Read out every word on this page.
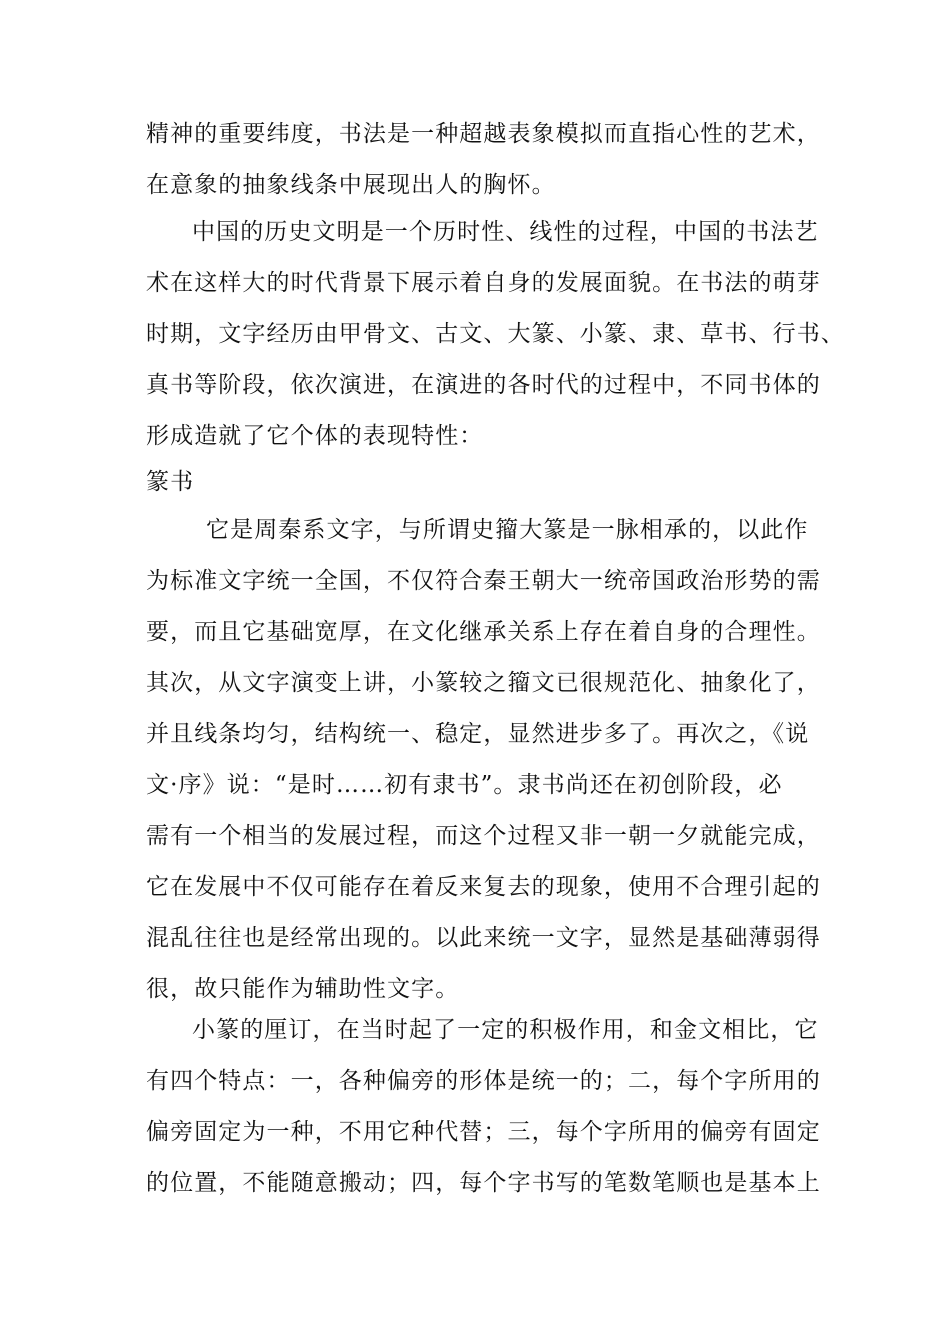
精神的重要纬度，书法是一种超越表象模拟而直指心性的艺术，
在意象的抽象线条中展现出人的胸怀。
中国的历史文明是一个历时性、线性的过程，中国的书法艺
术在这样大的时代背景下展示着自身的发展面貌。在书法的萌芽
时期，文字经历由甲骨文、古文、大篆、小篆、隶、草书、行书、
真书等阶段，依次演进，在演进的各时代的过程中，不同书体的
形成造就了它个体的表现特性：
篆书
它是周秦系文字，与所谓史籀大篆是一脉相承的，以此作
为标准文字统一全国，不仅符合秦王朝大一统帝国政治形势的需
要，而且它基础宽厚，在文化继承关系上存在着自身的合理性。
其次，从文字演变上讲，小篆较之籀文已很规范化、抽象化了，
并且线条均匀，结构统一、稳定，显然进步多了。再次之，《说
文·序》说：“是时……初有隶书”。隶书尚还在初创阶段，必
需有一个相当的发展过程，而这个过程又非一朝一夕就能完成，
它在发展中不仅可能存在着反来复去的现象，使用不合理引起的
混乱往往也是经常出现的。以此来统一文字，显然是基础薄弱得
很，故只能作为辅助性文字。
小篆的厘订，在当时起了一定的积极作用，和金文相比，它
有四个特点：一，各种偏旁的形体是统一的；二，每个字所用的
偏旁固定为一种，不用它种代替；三，每个字所用的偏旁有固定
的位置，不能随意搬动；四，每个字书写的笔数笔顺也是基本上
